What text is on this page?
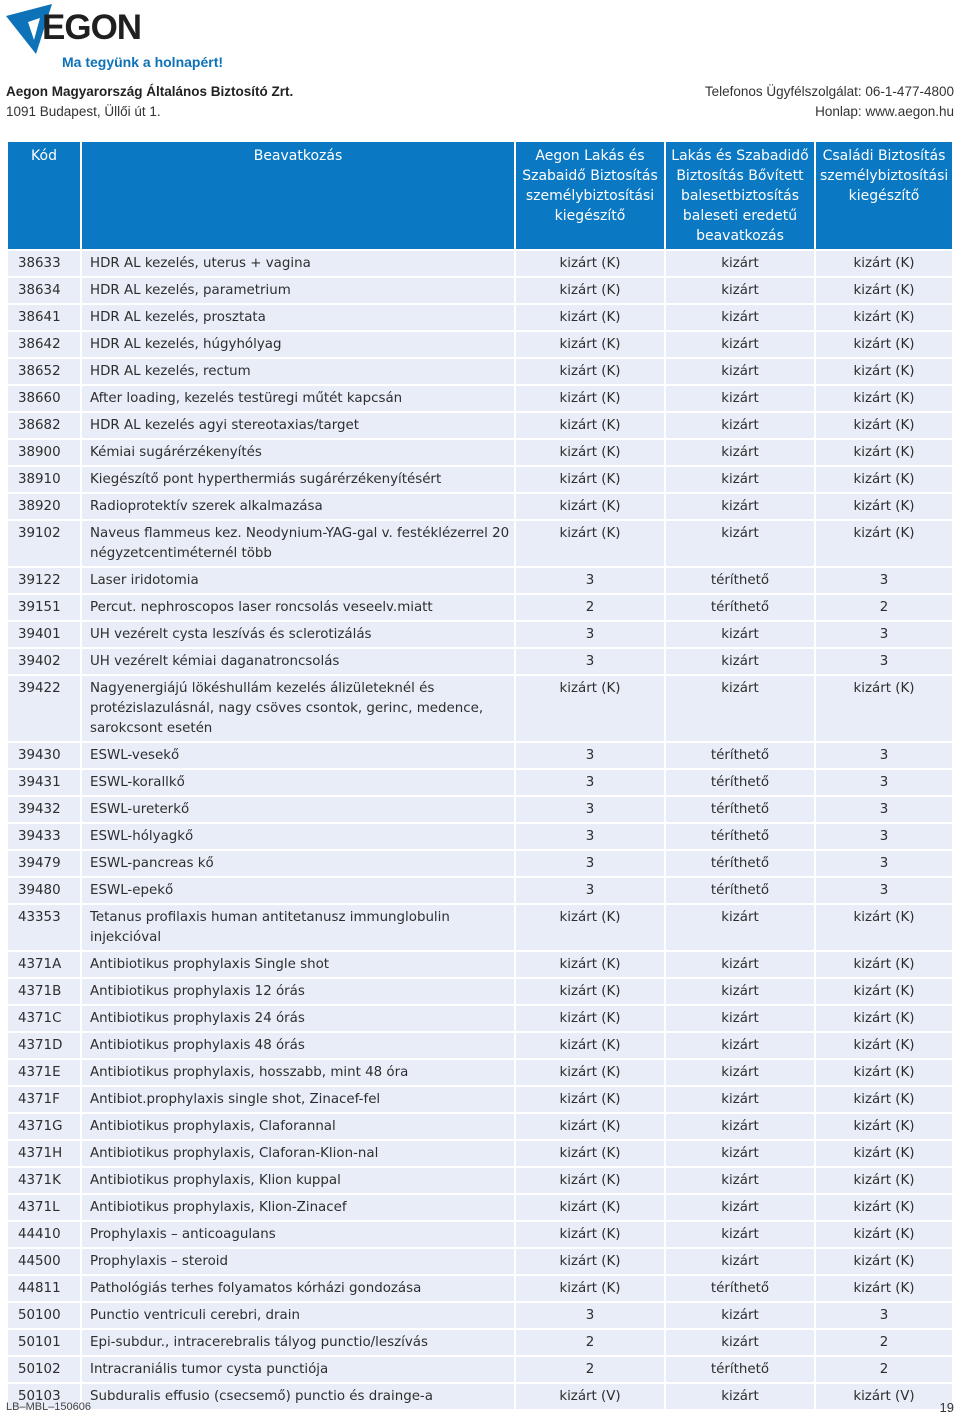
EGON
Ma tegyünk a holnapért!
Aegon Magyarország Általános Biztosító Zrt.
1091 Budapest, Üllői út 1.
Telefonos Ügyfélszolgálat: 06-1-477-4800
Honlap: www.aegon.hu
Kód	Beavatkozás	Aegon Lakás és Szabaidő Biztosítás személybiztosítási kiegészítő	Lakás és Szabadidő Biztosítás Bővített balesetbiztosítás baleseti eredetű beavatkozás	Családi Biztosítás személybiztosítási kiegészítő
38633	HDR AL kezelés, uterus + vagina	kizárt (K)	kizárt	kizárt (K)
38634	HDR AL kezelés, parametrium	kizárt (K)	kizárt	kizárt (K)
38641	HDR AL kezelés, prosztata	kizárt (K)	kizárt	kizárt (K)
38642	HDR AL kezelés, húgyhólyag	kizárt (K)	kizárt	kizárt (K)
38652	HDR AL kezelés, rectum	kizárt (K)	kizárt	kizárt (K)
38660	After loading, kezelés testüregi műtét kapcsán	kizárt (K)	kizárt	kizárt (K)
38682	HDR AL kezelés agyi stereotaxias/target	kizárt (K)	kizárt	kizárt (K)
38900	Kémiai sugárérzékenyítés	kizárt (K)	kizárt	kizárt (K)
38910	Kiegészítő pont hyperthermiás sugárérzékenyítésért	kizárt (K)	kizárt	kizárt (K)
38920	Radioprotektív szerek alkalmazása	kizárt (K)	kizárt	kizárt (K)
39102	Naveus flammeus kez. Neodynium-YAG-gal v. festéklézerrel 20 négyzetcentiméternél több	kizárt (K)	kizárt	kizárt (K)
39122	Laser iridotomia	3	téríthető	3
39151	Percut. nephroscopos laser roncsolás veseelv.miatt	2	téríthető	2
39401	UH vezérelt cysta leszívás és sclerotizálás	3	kizárt	3
39402	UH vezérelt kémiai daganatroncsolás	3	kizárt	3
39422	Nagyenergiájú lökéshullám kezelés álizületeknél és protézislazulásnál, nagy csöves csontok, gerinc, medence, sarokcsont esetén	kizárt (K)	kizárt	kizárt (K)
39430	ESWL-vesekő	3	téríthető	3
39431	ESWL-korallkő	3	téríthető	3
39432	ESWL-ureterkő	3	téríthető	3
39433	ESWL-hólyagkő	3	téríthető	3
39479	ESWL-pancreas kő	3	téríthető	3
39480	ESWL-epekő	3	téríthető	3
43353	Tetanus profilaxis human antitetanusz immunglobulin injekcióval	kizárt (K)	kizárt	kizárt (K)
4371A	Antibiotikus prophylaxis Single shot	kizárt (K)	kizárt	kizárt (K)
4371B	Antibiotikus prophylaxis 12 órás	kizárt (K)	kizárt	kizárt (K)
4371C	Antibiotikus prophylaxis 24 órás	kizárt (K)	kizárt	kizárt (K)
4371D	Antibiotikus prophylaxis 48 órás	kizárt (K)	kizárt	kizárt (K)
4371E	Antibiotikus prophylaxis, hosszabb, mint 48 óra	kizárt (K)	kizárt	kizárt (K)
4371F	Antibiot.prophylaxis single shot, Zinacef-fel	kizárt (K)	kizárt	kizárt (K)
4371G	Antibiotikus prophylaxis, Claforannal	kizárt (K)	kizárt	kizárt (K)
4371H	Antibiotikus prophylaxis, Claforan-Klion-nal	kizárt (K)	kizárt	kizárt (K)
4371K	Antibiotikus prophylaxis, Klion kuppal	kizárt (K)	kizárt	kizárt (K)
4371L	Antibiotikus prophylaxis, Klion-Zinacef	kizárt (K)	kizárt	kizárt (K)
44410	Prophylaxis – anticoagulans	kizárt (K)	kizárt	kizárt (K)
44500	Prophylaxis – steroid	kizárt (K)	kizárt	kizárt (K)
44811	Pathológiás terhes folyamatos kórházi gondozása	kizárt (K)	téríthető	kizárt (K)
50100	Punctio ventriculi cerebri, drain	3	kizárt	3
50101	Epi-subdur., intracerebralis tályog punctio/leszívás	2	kizárt	2
50102	Intracraniális tumor cysta punctiója	2	téríthető	2
50103	Subduralis effusio (csecsemő) punctio és drainge-a	kizárt (V)	kizárt	kizárt (V)
LB–MBL–150606	19
